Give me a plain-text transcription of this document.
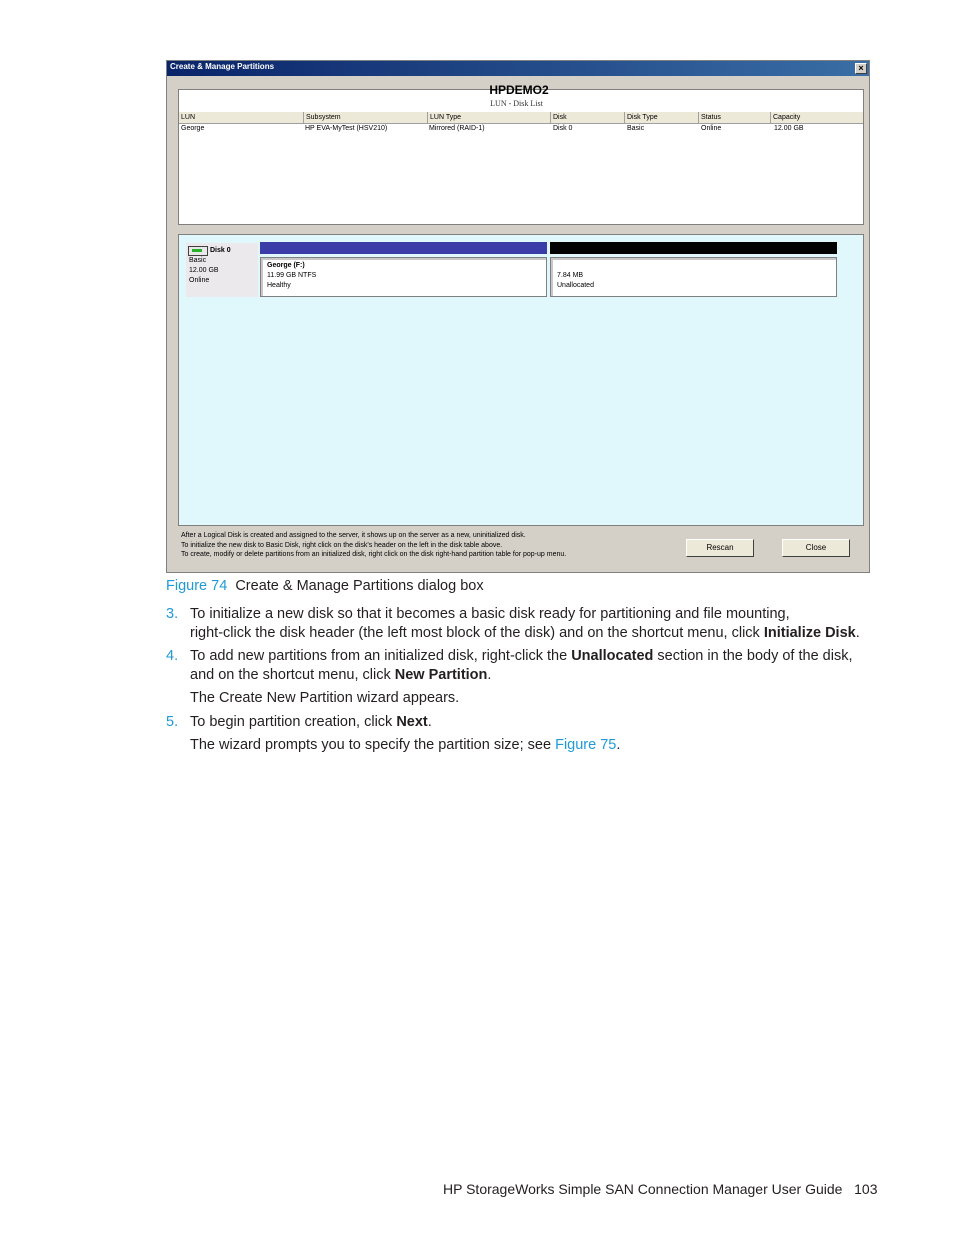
Create & Manage Partitions	×
HPDEMO2
LUN - Disk List
LUN	Subsystem	LUN Type	Disk	Disk Type	Status	Capacity
George	HP EVA-MyTest (HSV210)	Mirrored (RAID-1)	Disk 0	Basic	Online	12.00 GB
Disk 0
Basic
12.00 GB
Online
George (F:)
11.99 GB NTFS
Healthy
7.84 MB
Unallocated
After a Logical Disk is created and assigned to the server, it shows up on the server as a new, uninitialized disk.
To initialize the new disk to Basic Disk, right click on the disk's header on the left in the disk table above.
To create, modify or delete partitions from an initialized disk, right click on the disk right-hand partition table for pop-up menu.
Rescan	Close
Figure 74 Create & Manage Partitions dialog box
3. To initialize a new disk so that it becomes a basic disk ready for partitioning and file mounting,
right-click the disk header (the left most block of the disk) and on the shortcut menu, click Initialize Disk.
4. To add new partitions from an initialized disk, right-click the Unallocated section in the body of the disk,
and on the shortcut menu, click New Partition.
The Create New Partition wizard appears.
5. To begin partition creation, click Next.
The wizard prompts you to specify the partition size; see Figure 75.
HP StorageWorks Simple SAN Connection Manager User Guide 103
